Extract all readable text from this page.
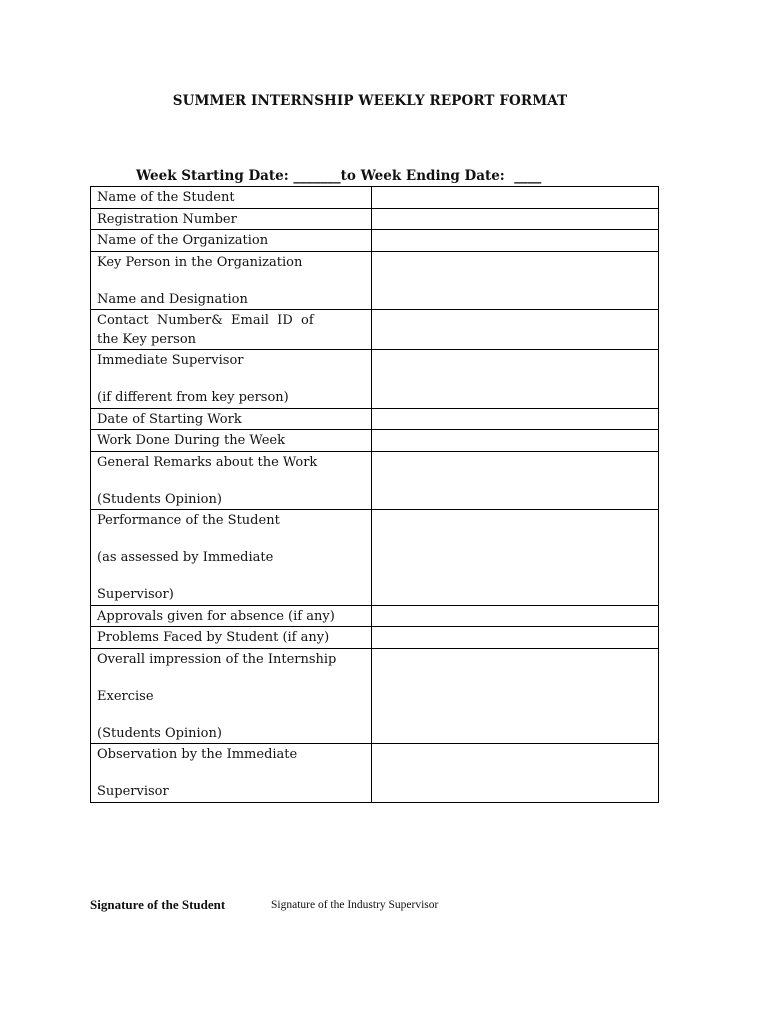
SUMMER INTERNSHIP WEEKLY REPORT FORMAT
Week Starting Date: _______to Week Ending Date:  ____
Name of the Student	

Registration Number	

Name of the Organization	

Key Person in the Organization
Name and Designation	

Contact  Number&  Email  ID  of
the Key person	

Immediate Supervisor
(if different from key person)	

Date of Starting Work	

Work Done During the Week	

General Remarks about the Work
(Students Opinion)	

Performance of the Student
(as assessed by Immediate
Supervisor)	

Approvals given for absence (if any)	

Problems Faced by Student (if any)	

Overall impression of the Internship
Exercise
(Students Opinion)	

Observation by the Immediate
Supervisor	

Signature of the Student	Signature of the Industry Supervisor
